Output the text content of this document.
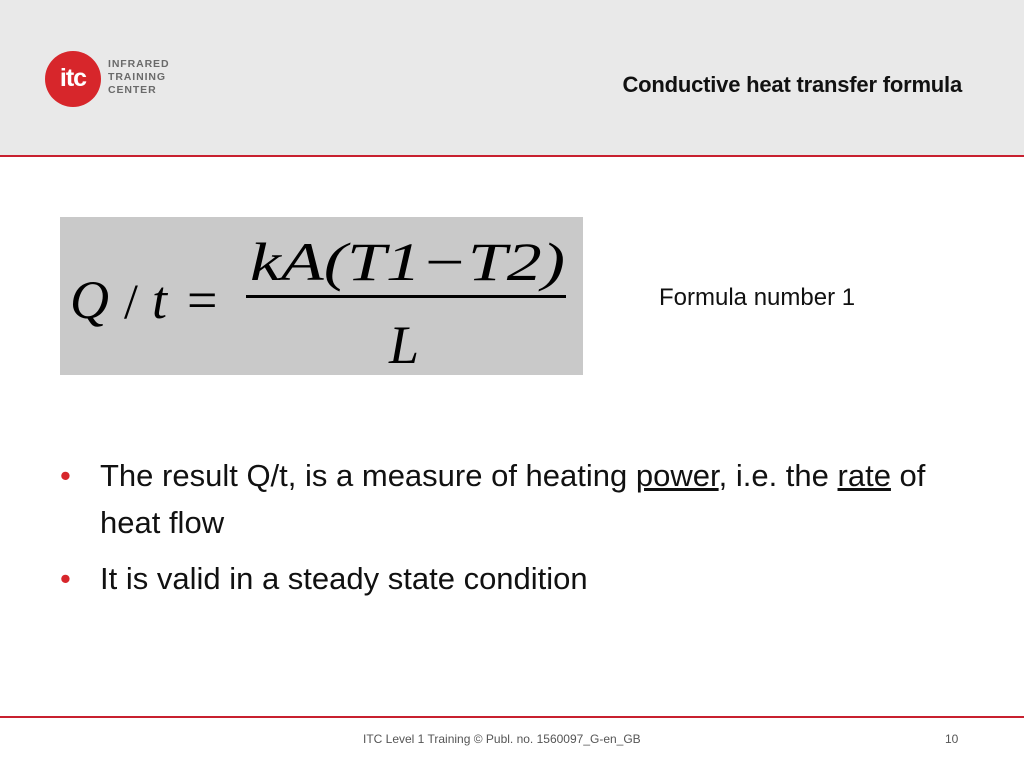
itc	INFRARED
TRAINING
CENTER	Conductive heat transfer formula
Q / t =
kA(T1−T2)
L
Formula number 1
• The result Q/t, is a measure of heating power, i.e. the rate of heat flow
• It is valid in a steady state condition
ITC Level 1 Training © Publ. no. 1560097_G-en_GB	10
